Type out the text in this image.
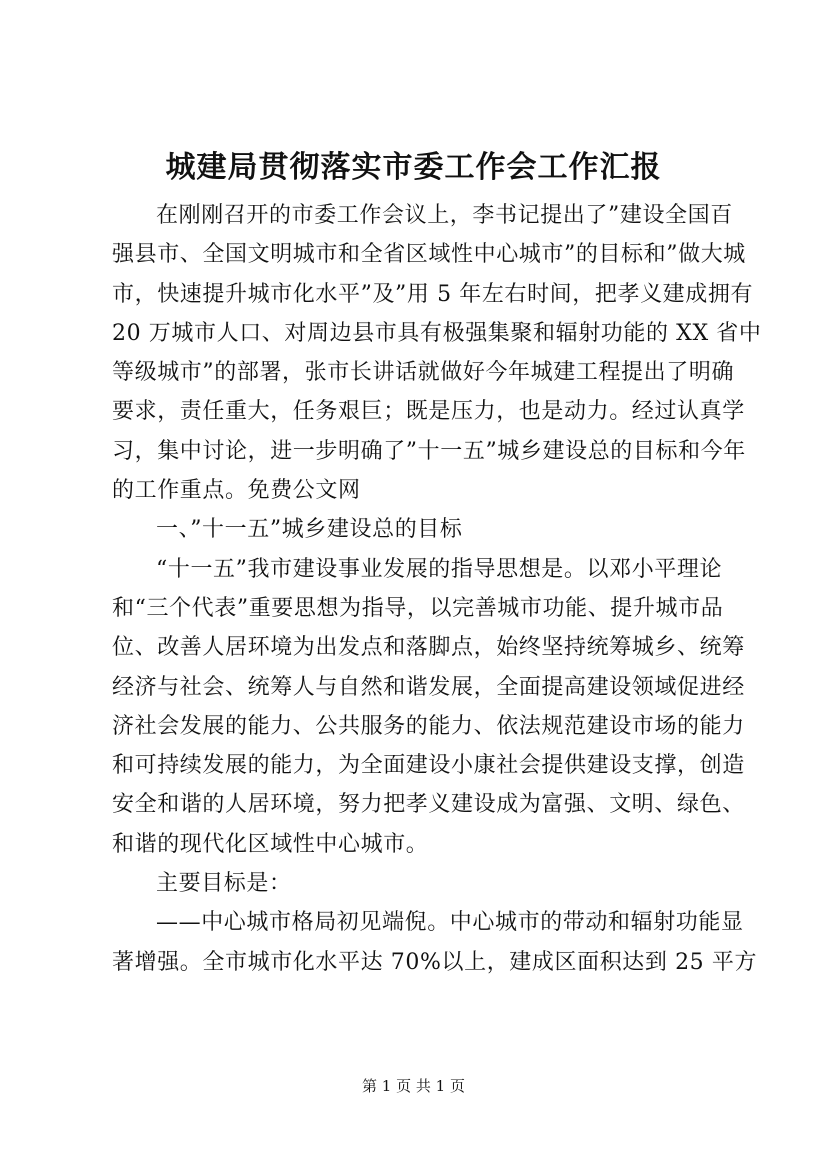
城建局贯彻落实市委工作会工作汇报
在刚刚召开的市委工作会议上，李书记提出了”建设全国百
强县市、全国文明城市和全省区域性中心城市”的目标和”做大城
市，快速提升城市化水平”及”用 5 年左右时间，把孝义建成拥有
20 万城市人口、对周边县市具有极强集聚和辐射功能的 XX 省中
等级城市”的部署，张市长讲话就做好今年城建工程提出了明确
要求，责任重大，任务艰巨；既是压力，也是动力。经过认真学
习，集中讨论，进一步明确了”十一五”城乡建设总的目标和今年
的工作重点。免费公文网
一、”十一五”城乡建设总的目标
“十一五”我市建设事业发展的指导思想是。以邓小平理论
和“三个代表”重要思想为指导，以完善城市功能、提升城市品
位、改善人居环境为出发点和落脚点，始终坚持统筹城乡、统筹
经济与社会、统筹人与自然和谐发展，全面提高建设领域促进经
济社会发展的能力、公共服务的能力、依法规范建设市场的能力
和可持续发展的能力，为全面建设小康社会提供建设支撑，创造
安全和谐的人居环境，努力把孝义建设成为富强、文明、绿色、
和谐的现代化区域性中心城市。
主要目标是：
——中心城市格局初见端倪。中心城市的带动和辐射功能显
著增强。全市城市化水平达 70%以上，建成区面积达到 25 平方
第 1 页 共 1 页
